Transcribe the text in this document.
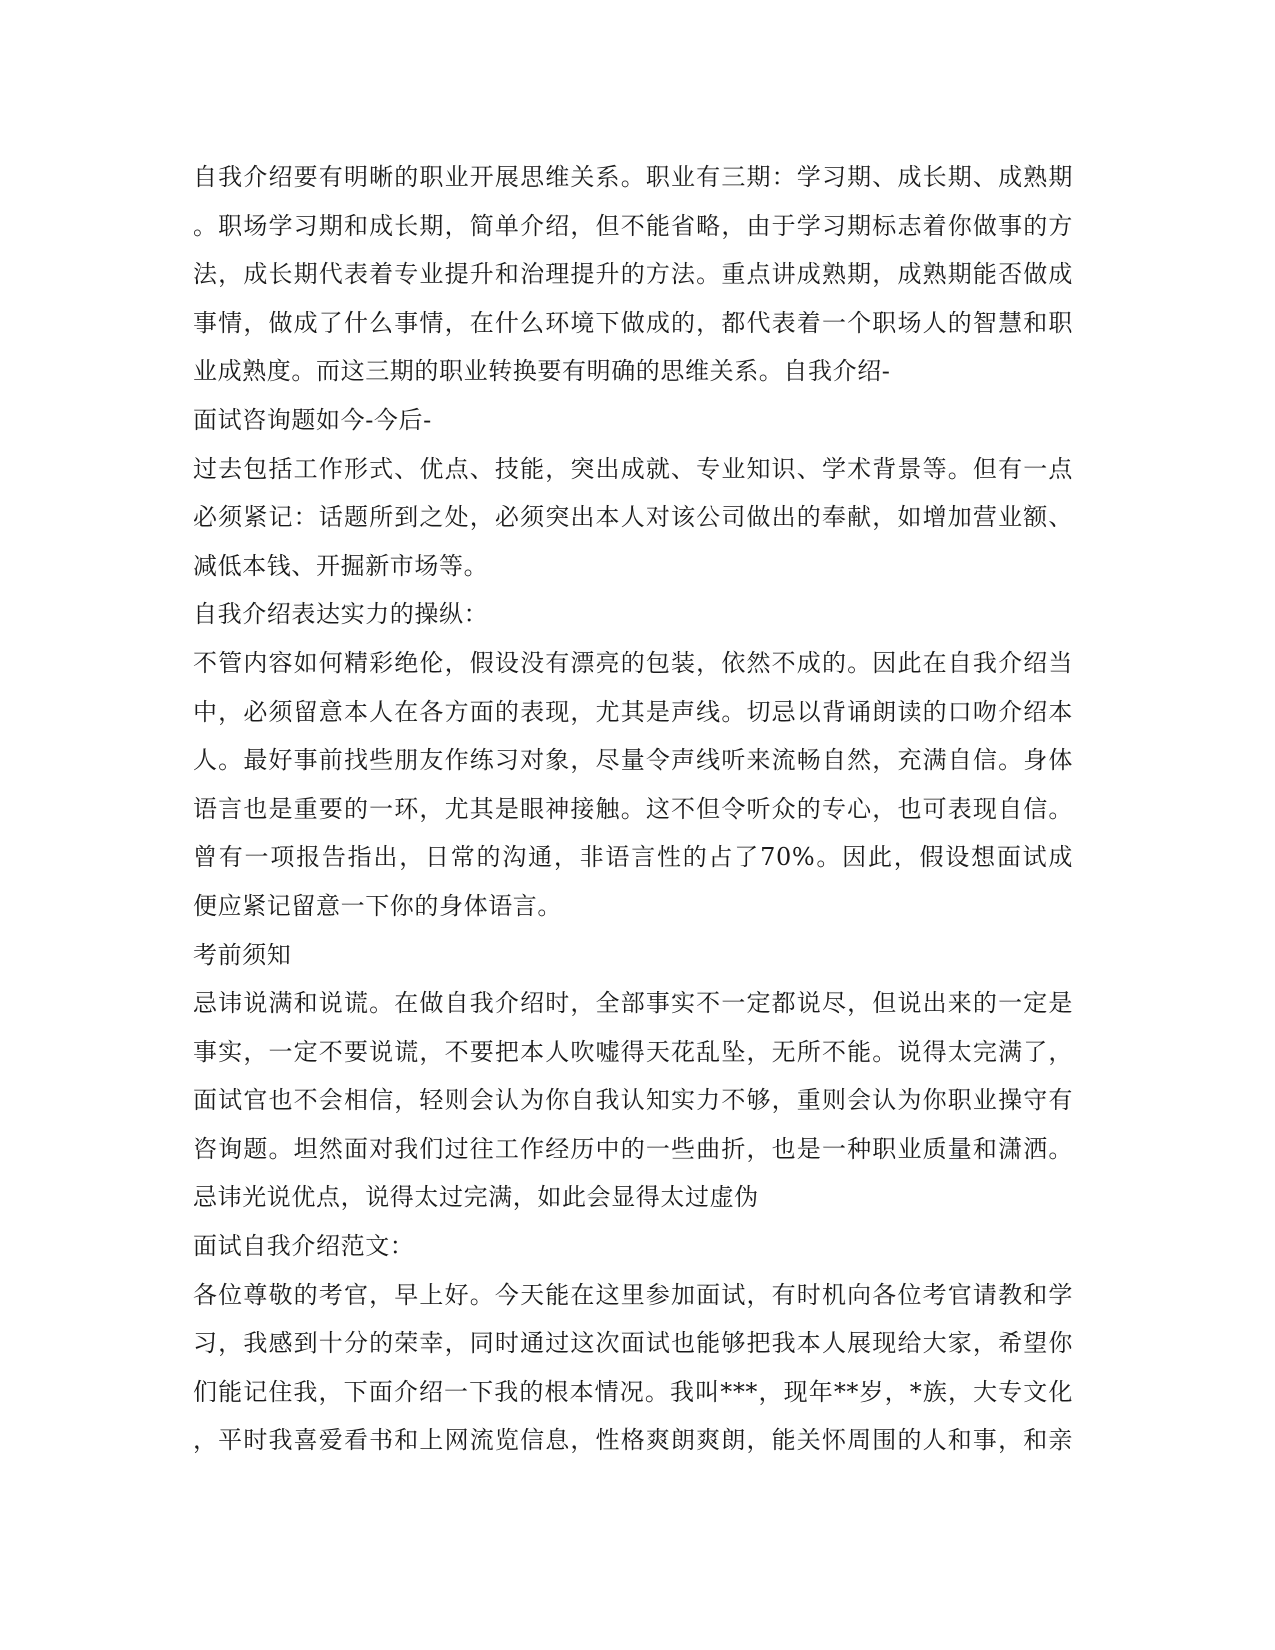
自我介绍要有明晰的职业开展思维关系。职业有三期：学习期、成长期、成熟期
。职场学习期和成长期，简单介绍，但不能省略，由于学习期标志着你做事的方
法，成长期代表着专业提升和治理提升的方法。重点讲成熟期，成熟期能否做成
事情，做成了什么事情，在什么环境下做成的，都代表着一个职场人的智慧和职
业成熟度。而这三期的职业转换要有明确的思维关系。自我介绍-
面试咨询题如今-今后-
过去包括工作形式、优点、技能，突出成就、专业知识、学术背景等。但有一点
必须紧记：话题所到之处，必须突出本人对该公司做出的奉献，如增加营业额、
减低本钱、开掘新市场等。
自我介绍表达实力的操纵：
不管内容如何精彩绝伦，假设没有漂亮的包装，依然不成的。因此在自我介绍当
中，必须留意本人在各方面的表现，尤其是声线。切忌以背诵朗读的口吻介绍本
人。最好事前找些朋友作练习对象，尽量令声线听来流畅自然，充满自信。身体
语言也是重要的一环，尤其是眼神接触。这不但令听众的专心，也可表现自信。
曾有一项报告指出，日常的沟通，非语言性的占了70%。因此，假设想面试成
便应紧记留意一下你的身体语言。
考前须知
忌讳说满和说谎。在做自我介绍时，全部事实不一定都说尽，但说出来的一定是
事实，一定不要说谎，不要把本人吹嘘得天花乱坠，无所不能。说得太完满了，
面试官也不会相信，轻则会认为你自我认知实力不够，重则会认为你职业操守有
咨询题。坦然面对我们过往工作经历中的一些曲折，也是一种职业质量和潇洒。
忌讳光说优点，说得太过完满，如此会显得太过虚伪
面试自我介绍范文：
各位尊敬的考官，早上好。今天能在这里参加面试，有时机向各位考官请教和学
习，我感到十分的荣幸，同时通过这次面试也能够把我本人展现给大家，希望你
们能记住我，下面介绍一下我的根本情况。我叫***，现年**岁，*族，大专文化
，平时我喜爱看书和上网流览信息，性格爽朗爽朗，能关怀周围的人和事，和亲
